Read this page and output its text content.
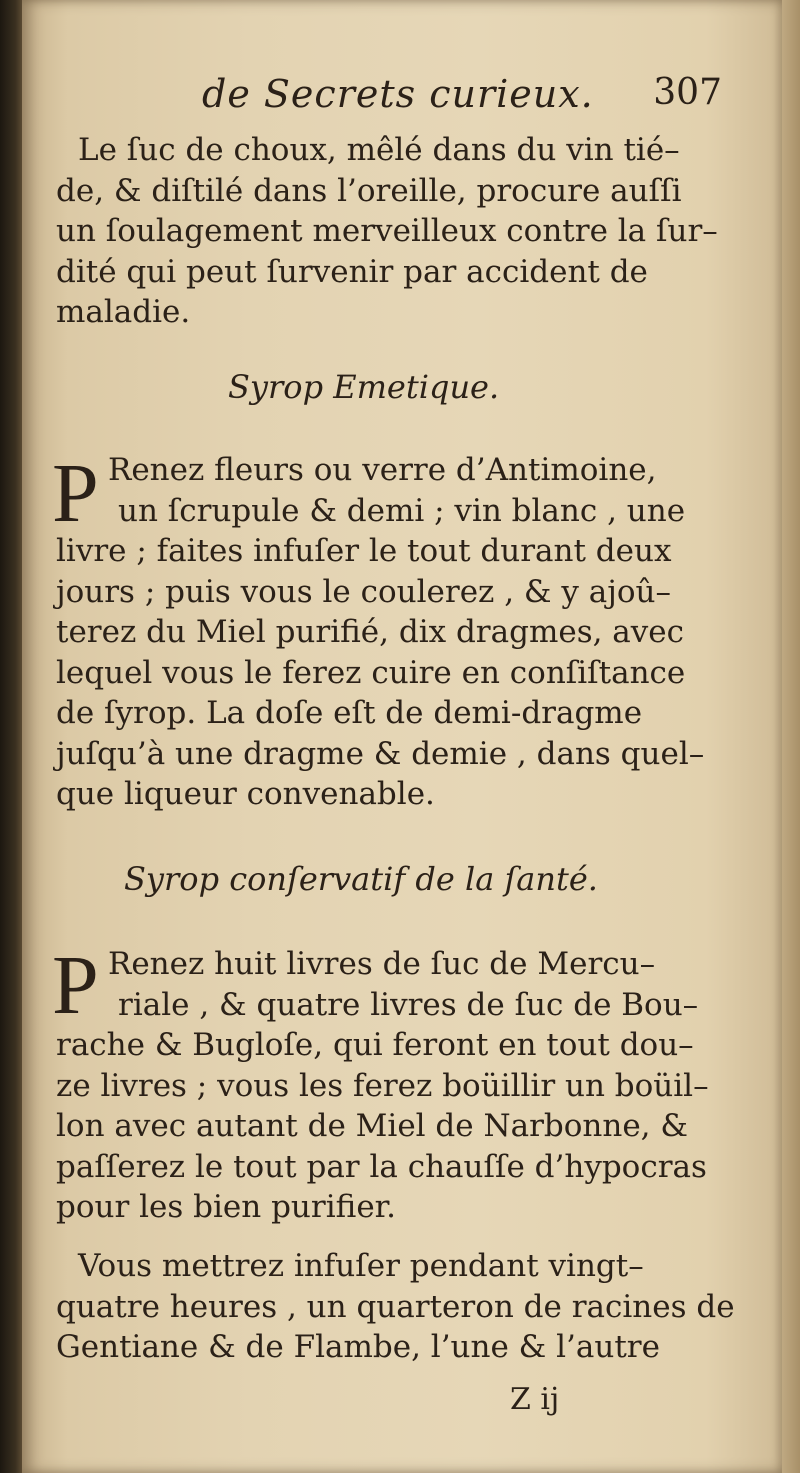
de Secrets curieux. 307
Le ſuc de choux, mêlé dans du vin tié–
de, & diſtilé dans l’oreille, procure auſſi
un ſoulagement merveilleux contre la ſur–
dité qui peut ſurvenir par accident de
maladie.
Syrop Emetique.
P Renez fleurs ou verre d’Antimoine,
un ſcrupule & demi ; vin blanc , une
livre ; faites infuſer le tout durant deux
jours ; puis vous le coulerez , & y ajoû–
terez du Miel purifié, dix dragmes, avec
lequel vous le ferez cuire en conſiſtance
de ſyrop. La doſe eſt de demi-dragme
juſqu’à une dragme & demie , dans quel–
que liqueur convenable.
Syrop conſervatif de la ſanté.
P Renez huit livres de ſuc de Mercu–
riale , & quatre livres de ſuc de Bou–
rache & Bugloſe, qui feront en tout dou–
ze livres ; vous les ferez boüillir un boüil–
lon avec autant de Miel de Narbonne, &
paſſerez le tout par la chauſſe d’hypocras
pour les bien purifier.
Vous mettrez infuſer pendant vingt–
quatre heures , un quarteron de racines de
Gentiane & de Flambe, l’une & l’autre
Z ij
